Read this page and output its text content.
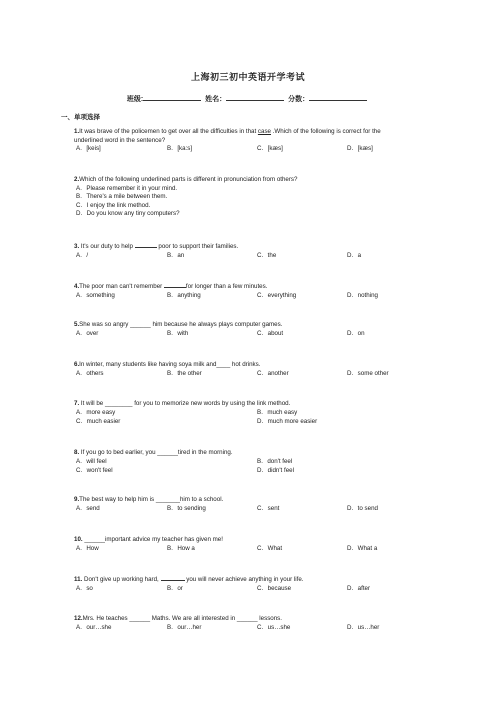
上海初三初中英语开学考试
班级:	姓名：	分数：
一、单项选择
1.It was brave of the policemen to get over all the difficulties in that case .Which of the following is correct for the underlined word in the sentence?
A．[keis]	B．[ka:s]	C．[kæs]	D．[kæs]
2.Which of the following underlined parts is different in pronunciation from others?
A．Please remember it in your mind.
B．There's a mile between them.
C．I enjoy the link method.
D．Do you know any tiny computers?
3. It's our duty to help	poor to support their families.
A．/	B．an	C．the	D．a
4.The poor man can't remember	for longer than a few minutes.
A．something	B．anything	C．everything	D．nothing
5.She was so angry ______ him because he always plays computer games.
A．over	B．with	C．about	D．on
6.In winter, many students like having soya milk and____ hot drinks.
A．others	B．the other	C．another	D．some other
7. It will be ________ for you to memorize new words by using the link method.
A．more easy	B．much easy
C．much easier	D．much more easier
8. If you go to bed earlier, you ______tired in the morning.
A．will feel	B．don't feel
C．won't feel	D．didn't feel
9.The best way to help him is _______him to a school.
A．send	B．to sending	C．sent	D．to send
10. ______important advice my teacher has given me!
A．How	B．How a	C．What	D．What a
11. Don't give up working hard,	you will never achieve anything in your life.
A．so	B．or	C．because	D．after
12.Mrs. He teaches ______ Maths. We are all interested in ______ lessons.
A．our…she	B．our…her	C．us…she	D．us…her
